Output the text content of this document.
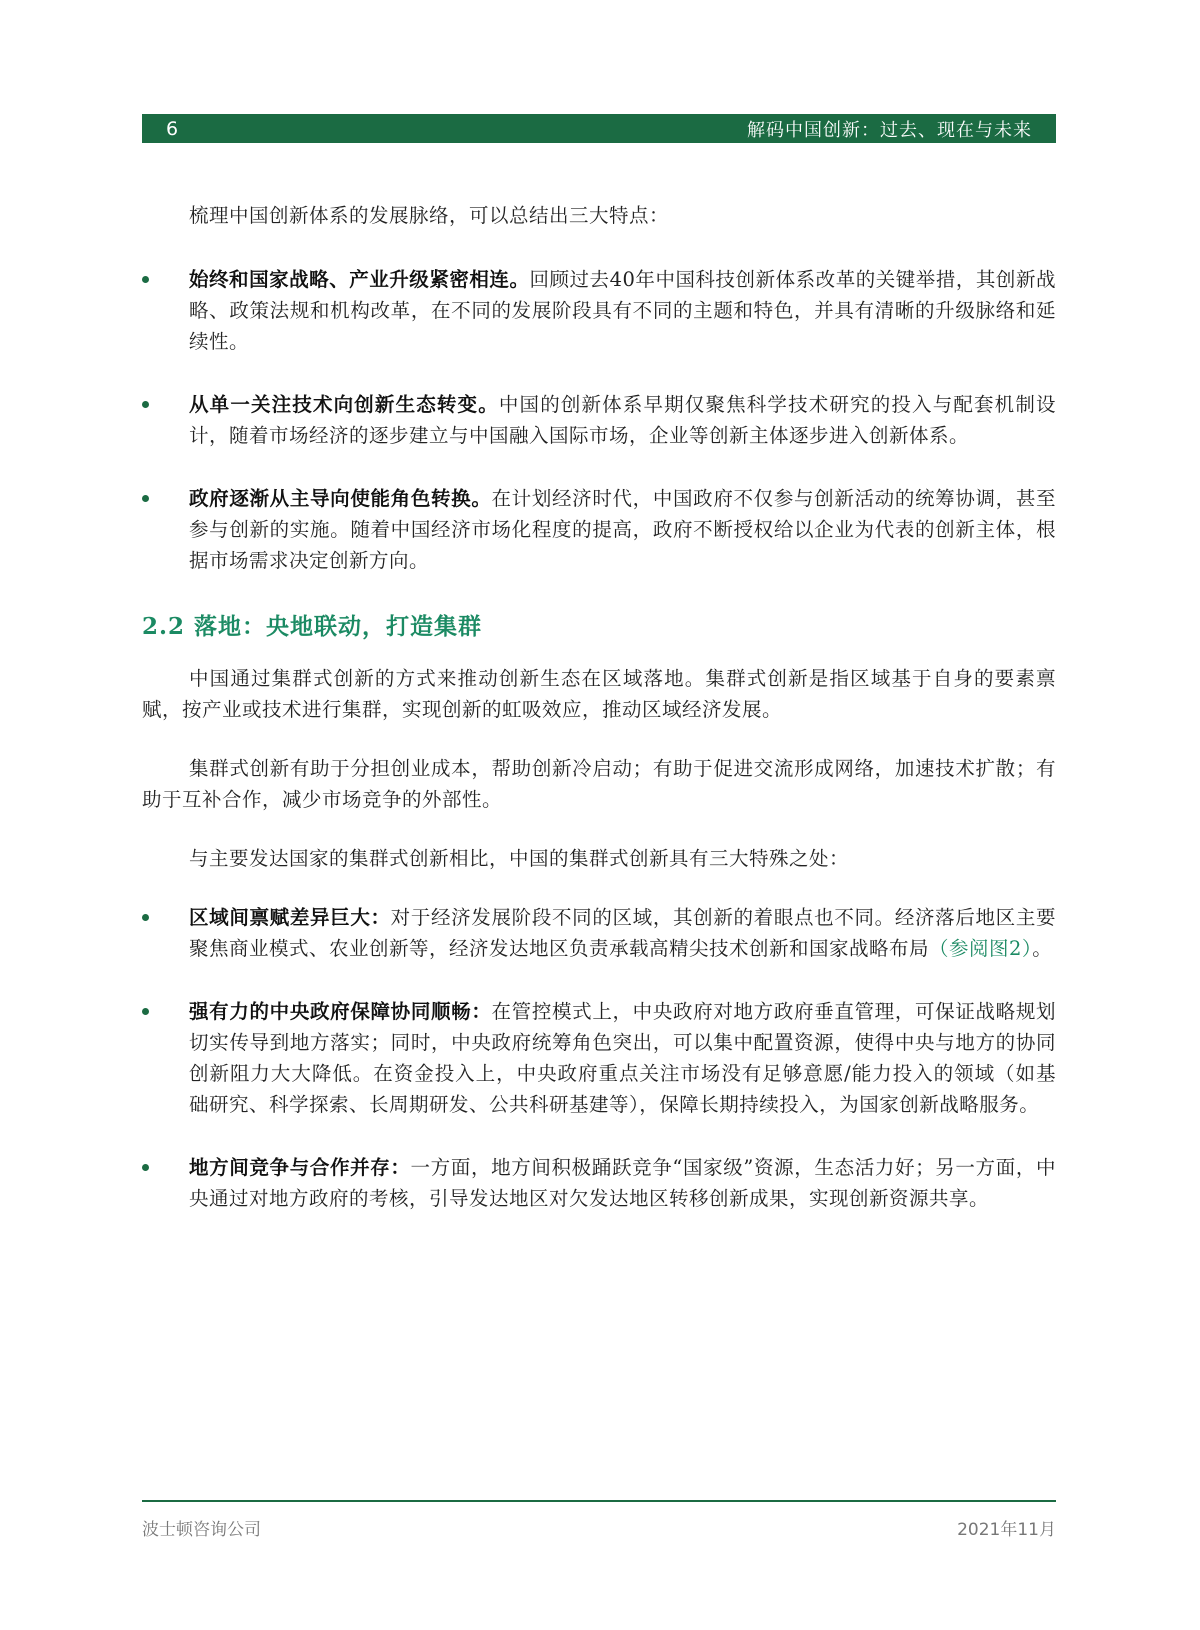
6	解码中国创新：过去、现在与未来

梳理中国创新体系的发展脉络，可以总结出三大特点：

始终和国家战略、产业升级紧密相连。回顾过去40年中国科技创新体系改革的关键举措，其创新战略、政策法规和机构改革，在不同的发展阶段具有不同的主题和特色，并具有清晰的升级脉络和延续性。
从单一关注技术向创新生态转变。中国的创新体系早期仅聚焦科学技术研究的投入与配套机制设计，随着市场经济的逐步建立与中国融入国际市场，企业等创新主体逐步进入创新体系。
政府逐渐从主导向使能角色转换。在计划经济时代，中国政府不仅参与创新活动的统筹协调，甚至参与创新的实施。随着中国经济市场化程度的提高，政府不断授权给以企业为代表的创新主体，根据市场需求决定创新方向。
2.2 落地：央地联动，打造集群

中国通过集群式创新的方式来推动创新生态在区域落地。集群式创新是指区域基于自身的要素禀赋，按产业或技术进行集群，实现创新的虹吸效应，推动区域经济发展。

集群式创新有助于分担创业成本，帮助创新冷启动；有助于促进交流形成网络，加速技术扩散；有助于互补合作，减少市场竞争的外部性。

与主要发达国家的集群式创新相比，中国的集群式创新具有三大特殊之处：

区域间禀赋差异巨大：对于经济发展阶段不同的区域，其创新的着眼点也不同。经济落后地区主要聚焦商业模式、农业创新等，经济发达地区负责承载高精尖技术创新和国家战略布局（参阅图2）。
强有力的中央政府保障协同顺畅：在管控模式上，中央政府对地方政府垂直管理，可保证战略规划切实传导到地方落实；同时，中央政府统筹角色突出，可以集中配置资源，使得中央与地方的协同创新阻力大大降低。在资金投入上，中央政府重点关注市场没有足够意愿/能力投入的领域（如基础研究、科学探索、长周期研发、公共科研基建等），保障长期持续投入，为国家创新战略服务。
地方间竞争与合作并存：一方面，地方间积极踊跃竞争“国家级”资源，生态活力好；另一方面，中央通过对地方政府的考核，引导发达地区对欠发达地区转移创新成果，实现创新资源共享。
波士顿咨询公司	2021年11月
